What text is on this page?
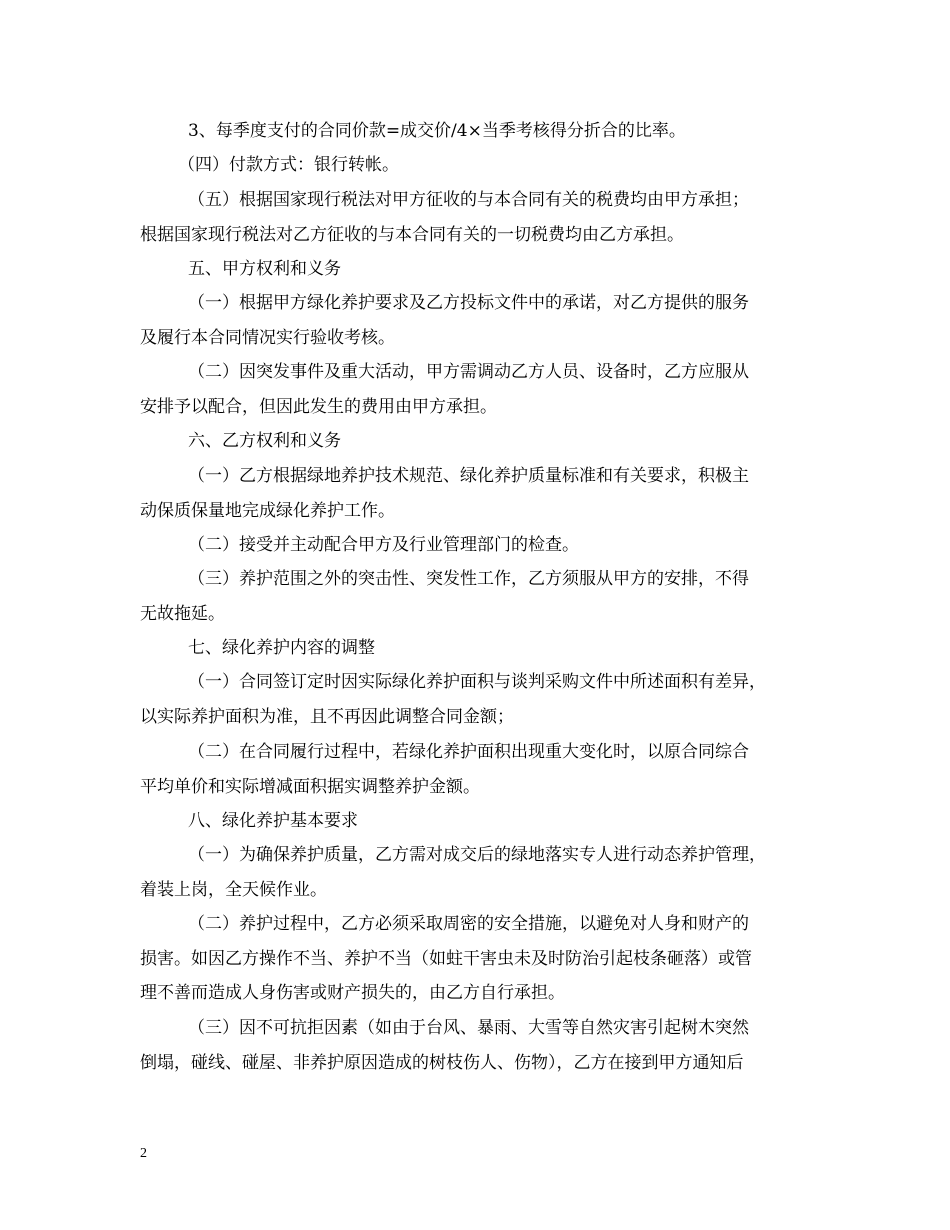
3、每季度支付的合同价款=成交价/4×当季考核得分折合的比率。
（四）付款方式：银行转帐。
（五）根据国家现行税法对甲方征收的与本合同有关的税费均由甲方承担；
根据国家现行税法对乙方征收的与本合同有关的一切税费均由乙方承担。
五、甲方权利和义务
（一）根据甲方绿化养护要求及乙方投标文件中的承诺，对乙方提供的服务
及履行本合同情况实行验收考核。
（二）因突发事件及重大活动，甲方需调动乙方人员、设备时，乙方应服从
安排予以配合，但因此发生的费用由甲方承担。
六、乙方权利和义务
（一）乙方根据绿地养护技术规范、绿化养护质量标准和有关要求，积极主
动保质保量地完成绿化养护工作。
（二）接受并主动配合甲方及行业管理部门的检查。
（三）养护范围之外的突击性、突发性工作，乙方须服从甲方的安排，不得
无故拖延。
七、绿化养护内容的调整
（一）合同签订定时因实际绿化养护面积与谈判采购文件中所述面积有差异，
以实际养护面积为准，且不再因此调整合同金额；
（二）在合同履行过程中，若绿化养护面积出现重大变化时，以原合同综合
平均单价和实际增减面积据实调整养护金额。
八、绿化养护基本要求
（一）为确保养护质量，乙方需对成交后的绿地落实专人进行动态养护管理，
着装上岗，全天候作业。
（二）养护过程中，乙方必须采取周密的安全措施，以避免对人身和财产的
损害。如因乙方操作不当、养护不当（如蛀干害虫未及时防治引起枝条砸落）或管
理不善而造成人身伤害或财产损失的，由乙方自行承担。
（三）因不可抗拒因素（如由于台风、暴雨、大雪等自然灾害引起树木突然
倒塌，碰线、碰屋、非养护原因造成的树枝伤人、伤物），乙方在接到甲方通知后
2
